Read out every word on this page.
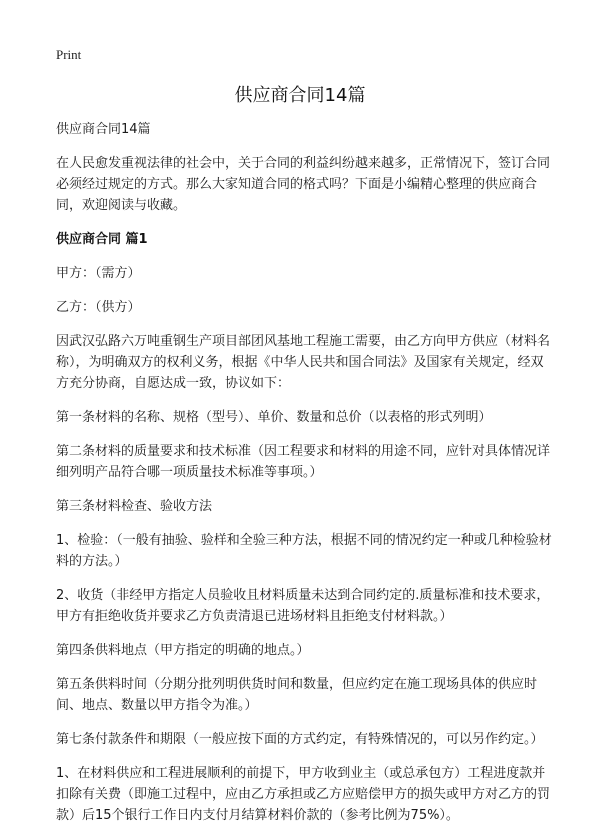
Print
供应商合同14篇

供应商合同14篇

在人民愈发重视法律的社会中，关于合同的利益纠纷越来越多，正常情况下，签订合同必须经过规定的方式。那么大家知道合同的格式吗？下面是小编精心整理的供应商合同，欢迎阅读与收藏。

供应商合同 篇1

甲方：（需方）

乙方：（供方）

因武汉弘路六万吨重钢生产项目部团风基地工程施工需要，由乙方向甲方供应（材料名称），为明确双方的权利义务，根据《中华人民共和国合同法》及国家有关规定，经双方充分协商，自愿达成一致，协议如下：

第一条材料的名称、规格（型号）、单价、数量和总价（以表格的形式列明）

第二条材料的质量要求和技术标准（因工程要求和材料的用途不同，应针对具体情况详细列明产品符合哪一项质量技术标准等事项。）

第三条材料检查、验收方法

1、检验：（一般有抽验、验样和全验三种方法，根据不同的情况约定一种或几种检验材料的方法。）

2、收货（非经甲方指定人员验收且材料质量未达到合同约定的.质量标准和技术要求，甲方有拒绝收货并要求乙方负责清退已进场材料且拒绝支付材料款。）

第四条供料地点（甲方指定的明确的地点。）

第五条供料时间（分期分批列明供货时间和数量，但应约定在施工现场具体的供应时间、地点、数量以甲方指令为准。）

第七条付款条件和期限（一般应按下面的方式约定，有特殊情况的，可以另作约定。）

1、在材料供应和工程进展顺利的前提下，甲方收到业主（或总承包方）工程进度款并扣除有关费（即施工过程中，应由乙方承担或乙方应赔偿甲方的损失或甲方对乙方的罚款）后15个银行工作日内支付月结算材料价款的（参考比例为75%）。
